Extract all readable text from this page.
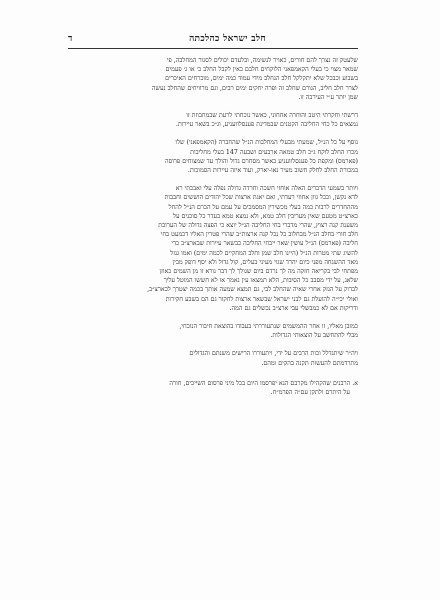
חלב ישראל כהלכתה
ד
שלעטק זה נצרך להם חורים, כאויר לנשימה, ובלעדם יכולים לסגור המחלבה, פי
שמאר מצוי כי בעלי הקאמפאני הלוקחים חלבם כאין לקבל החלב כ׳ או ג׳ פעמים
בשבוע וכבכל שלא יתקלקל חלב הנחלב מידי עמוד כמה ימים, מוכרחים האיכרים
לצרר חלב חליב, הגורם שחלב זה ופרה יחקים ימים רבים, וגם מרוויחים שהחלב נעשה
שמן יותר ע״י העירבה זו.
דרשתי וחקרתי היטב והוחרה אחחוני, כאשר נוכחתי לרעת שבמחבוזת זו
נמצאים כל כחי החליבה הקטנים שבמדינת פענסלוועניע, וג״כ בשאר עיירות.
נוסף על כל הנ״ל, שמעתי מבעלי המחלבות הנ״ל שהחברה (הקאמפאני) שלו
מכרו החלב לוקח ג״כ חלב טמאה ארבעים ושבעה 147 בעלי מחליבות
(פארמס) ומקפת כל פענסלוועניע כאשר מסחרם גדול והולך עד שמצוחים פרוסה
במכורת החלב לחלק חשוב מעיר נאו-יארק, ועוד איזה עיירות הסמוכות.
ויותר בשמעי הדברים האלה אוחזי חשכה וחרדה גדולה נפלה עלי ואבכתי רא
לדא נקשן, וככל גוון אחוזי רעדתי, ואם יאגת ארצות שכל יהודים הוששים וחבבות
מההחדרים לרבות כמה בעלי מכשירין המסמכים על עמם על הכרם הנ״ל להחל
כארצ״ט מטעם שאין מעריבין חלב טמא, ולא נמצא טמא בעדר כל סוכנים על
משענת קנה רצוץ, שהרי מדברי בחי החליבה הנ״ל יוצא כי הפצה גדולה של הערובת
חלב חורי בחלב הנ״ל מבחלוב כל נכל קנה ארצות״ב שהרי פטרין האליו דכמעט בחי
חליבה (פארמס) הנ״ל עושין שאר ייבחי החליבה כבשאר עיירות שבארצ״ב כדי
להשיג שתי מטרות הנ״ל (היינו חלב שמן וחלב המחקיים לכמה ימים) ואמו גנזל
מאד ההשגחה מפני כיום יהרד שגוי מעיני בעלים, קול גדול ולא יסף דופק מבין
מפתחי לבי בקריאה חזקה מה לך נרדם ביום שגולך לך דבר נורא זו מן השמים כאוזן
שלאג, על ידי מסבב כל הסיבות, הלא תמצאו עין נאמר או לא חששו המוטל עליך
לבדוק על הנזק אחרי שאיה שהחלב לבי, גם תמצא שמעה אותך בכמה יצטרך לכארצ״ב,
ואולי יכי״ה להועלת גם לבני ישראל שבשאר ארצות לחקור גם הם בשבע חקירות
ודריקות אם לא כמבשלי עבי ארצ״ב נכשלים גם המה.
כמובן מאליו, זו אחר ההמשמים שנתעוררתי בעבודו בהוצאת חיבור הנוכחי,
מבלי להתחשב על הוצאותי הגדולות.
ויה״ר שיתגדלל וכות הרבים על ידי, ויתעוררו הרישים משנתם והגדולים
מתרדמתם להעשות תקנה בהקים ומהם.
א. הרבנים שהקהילו מקרבם הנא יפרסמו היום בכל מיני פרסום השייכים, חורה
על היתרם ולתקן עם״ה הפרמ״ח.
